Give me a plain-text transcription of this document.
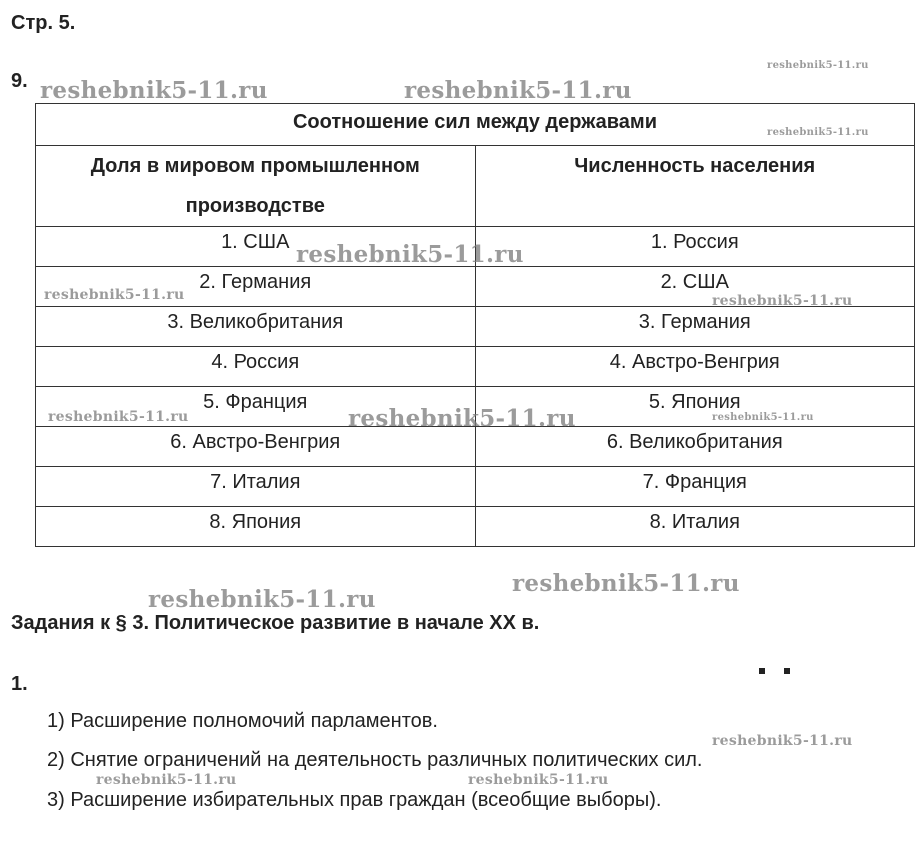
Стр. 5.
9.
Соотношение сил между державами	
Доля в мировом промышленном производстве	Численность населения
1. США	1. Россия
2. Германия	2. США
3. Великобритания	3. Германия
4. Россия	4. Австро-Венгрия
5. Франция	5. Япония
6. Австро-Венгрия	6. Великобритания
7. Италия	7. Франция
8. Япония	8. Италия
Задания к § 3. Политическое развитие в начале XX в.
1.
1) Расширение полномочий парламентов.
2) Снятие ограничений на деятельность различных политических сил.
3) Расширение избирательных прав граждан (всеобщие выборы).
reshebnik5-11.ru	reshebnik5-11.ru
reshebnik5-11.ru
reshebnik5-11.ru
reshebnik5-11.ru
reshebnik5-11.ru	reshebnik5-11.ru
reshebnik5-11.ru	reshebnik5-11.ru	reshebnik5-11.ru
reshebnik5-11.ru
reshebnik5-11.ru
reshebnik5-11.ru
reshebnik5-11.ru	reshebnik5-11.ru
